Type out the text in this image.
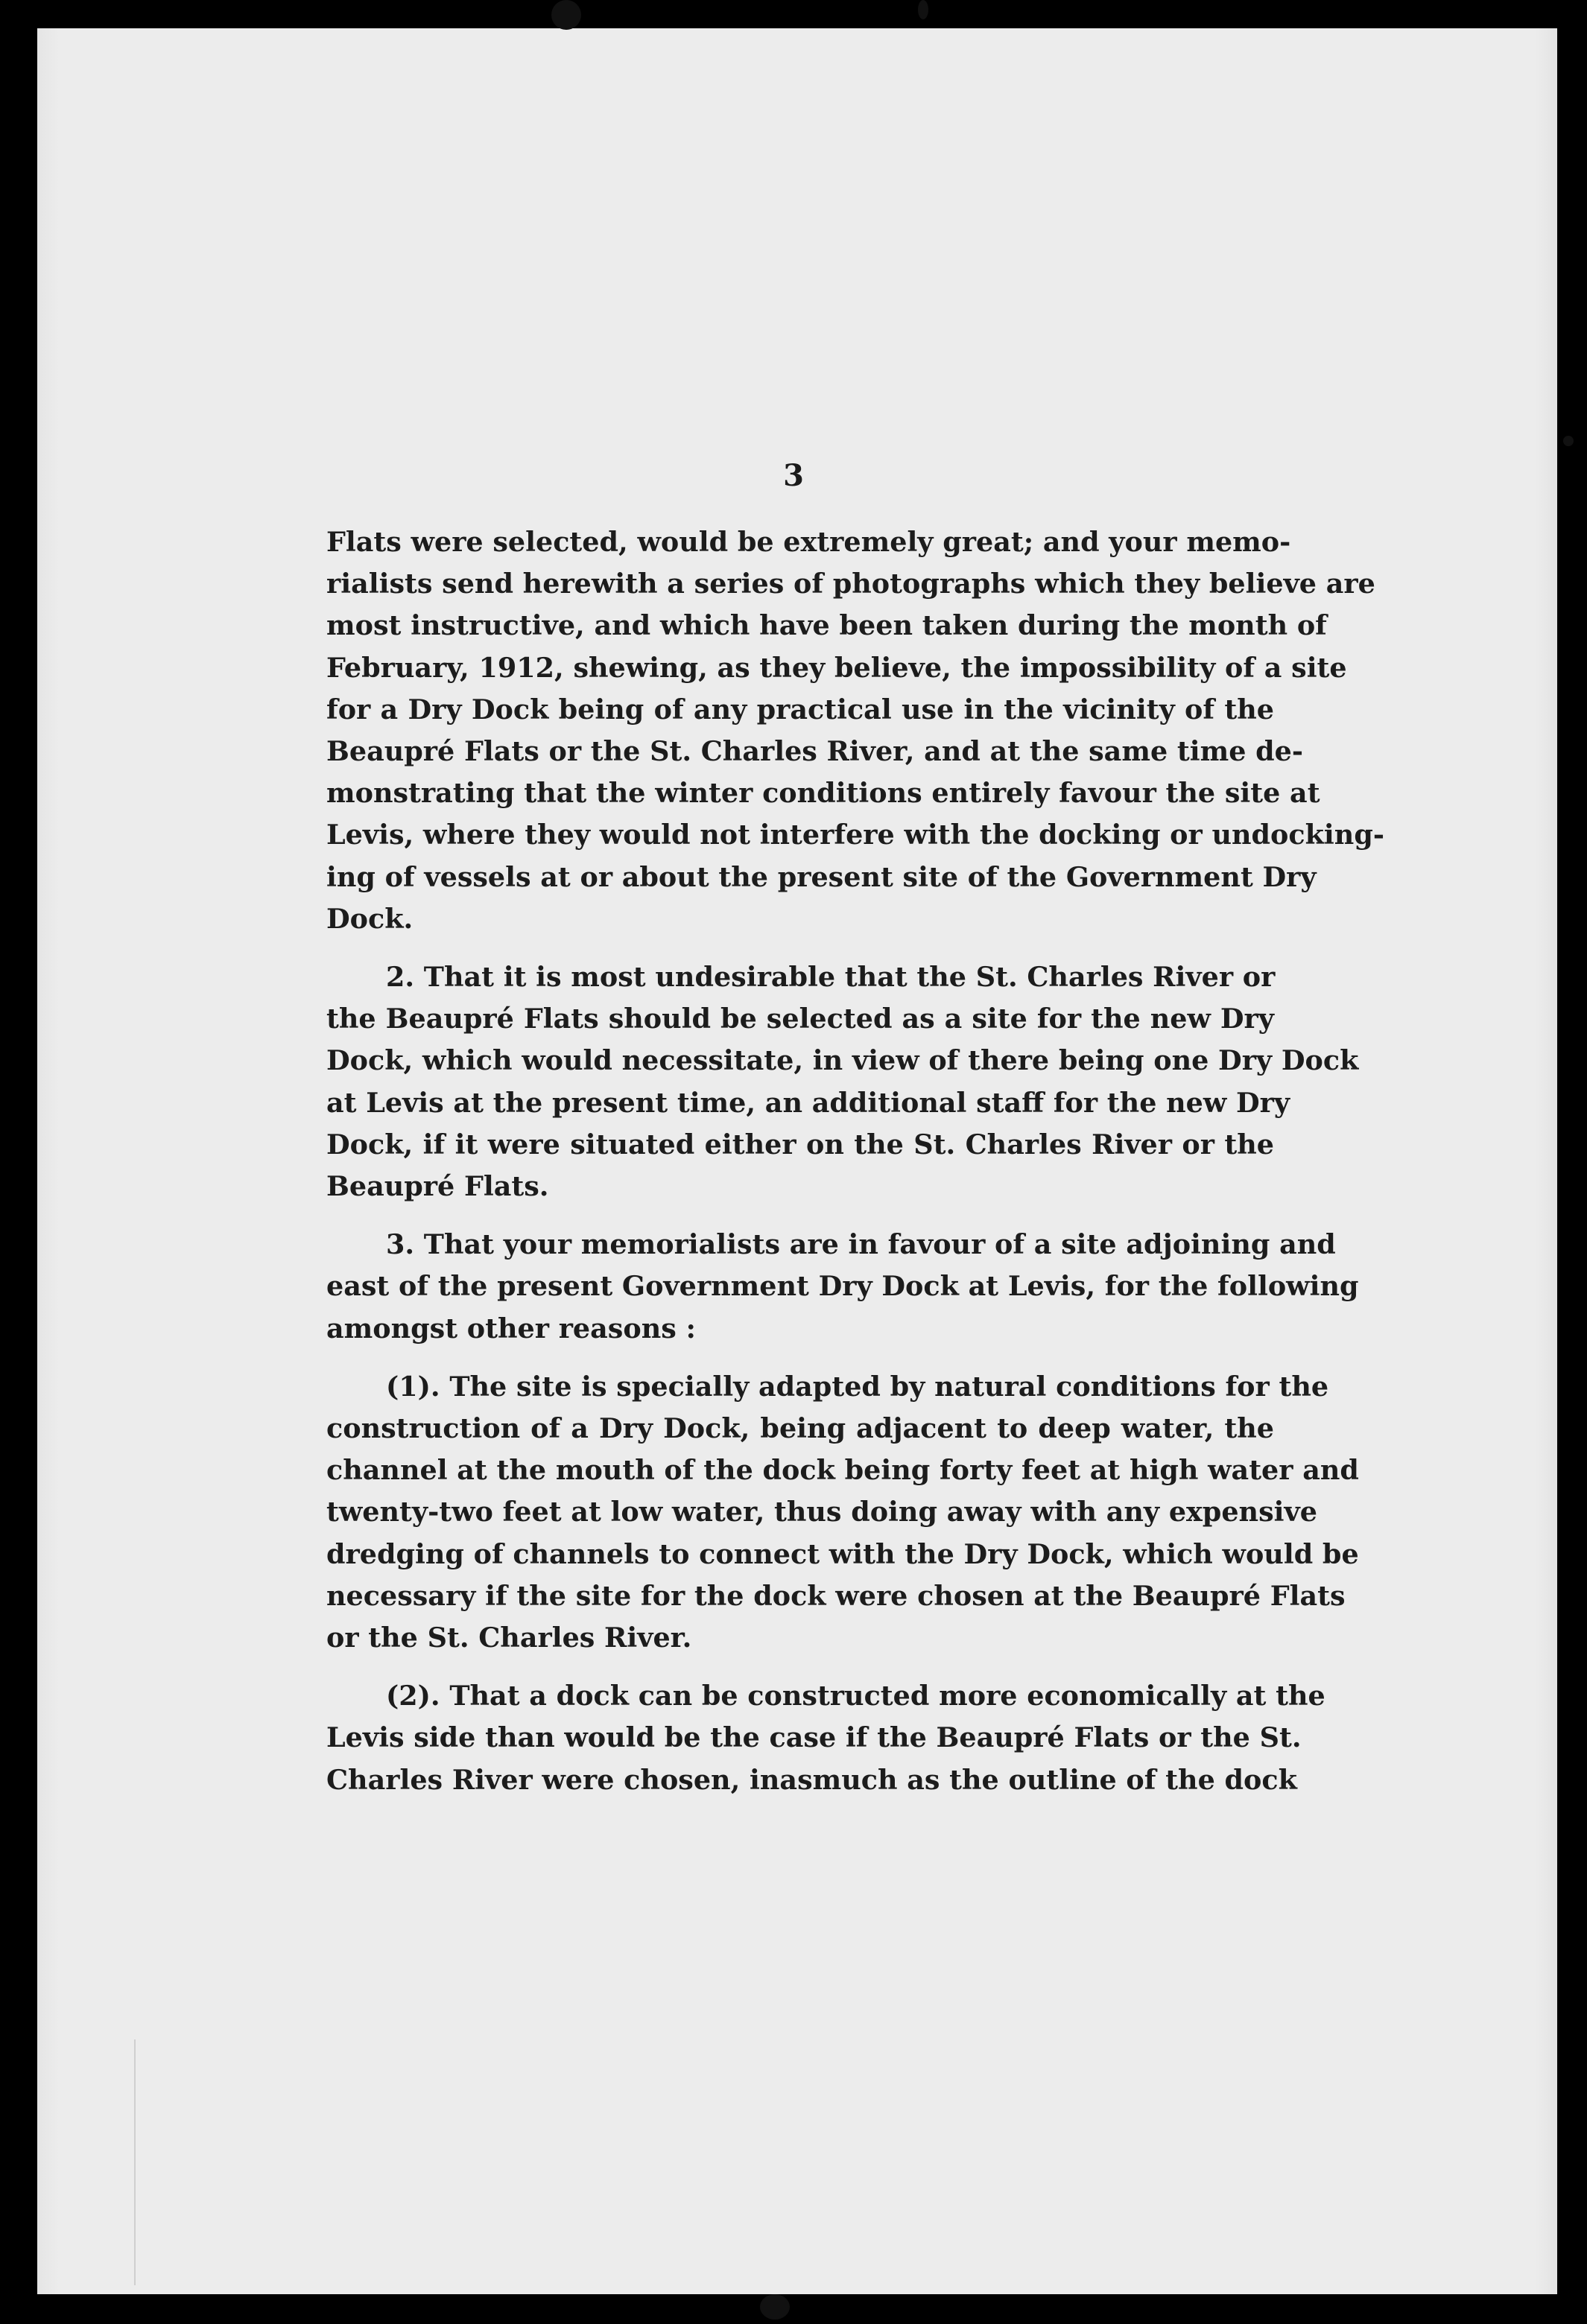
3

Flats were selected, would be extremely great; and your memo-
rialists send herewith a series of photographs which they believe are
most instructive, and which have been taken during the month of
February, 1912, shewing, as they believe, the impossibility of a site
for a Dry Dock being of any practical use in the vicinity of the
Beaupré Flats or the St. Charles River, and at the same time de-
monstrating that the winter conditions entirely favour the site at
Levis, where they would not interfere with the docking or undocking-
ing of vessels at or about the present site of the Government Dry
Dock.

2. That it is most undesirable that the St. Charles River or
the Beaupré Flats should be selected as a site for the new Dry
Dock, which would necessitate, in view of there being one Dry Dock
at Levis at the present time, an additional staff for the new Dry
Dock, if it were situated either on the St. Charles River or the
Beaupré Flats.

3. That your memorialists are in favour of a site adjoining and
east of the present Government Dry Dock at Levis, for the following
amongst other reasons :

(1). The site is specially adapted by natural conditions for the
construction of a Dry Dock, being adjacent to deep water, the
channel at the mouth of the dock being forty feet at high water and
twenty-two feet at low water, thus doing away with any expensive
dredging of channels to connect with the Dry Dock, which would be
necessary if the site for the dock were chosen at the Beaupré Flats
or the St. Charles River.

(2). That a dock can be constructed more economically at the
Levis side than would be the case if the Beaupré Flats or the St.
Charles River were chosen, inasmuch as the outline of the dock
